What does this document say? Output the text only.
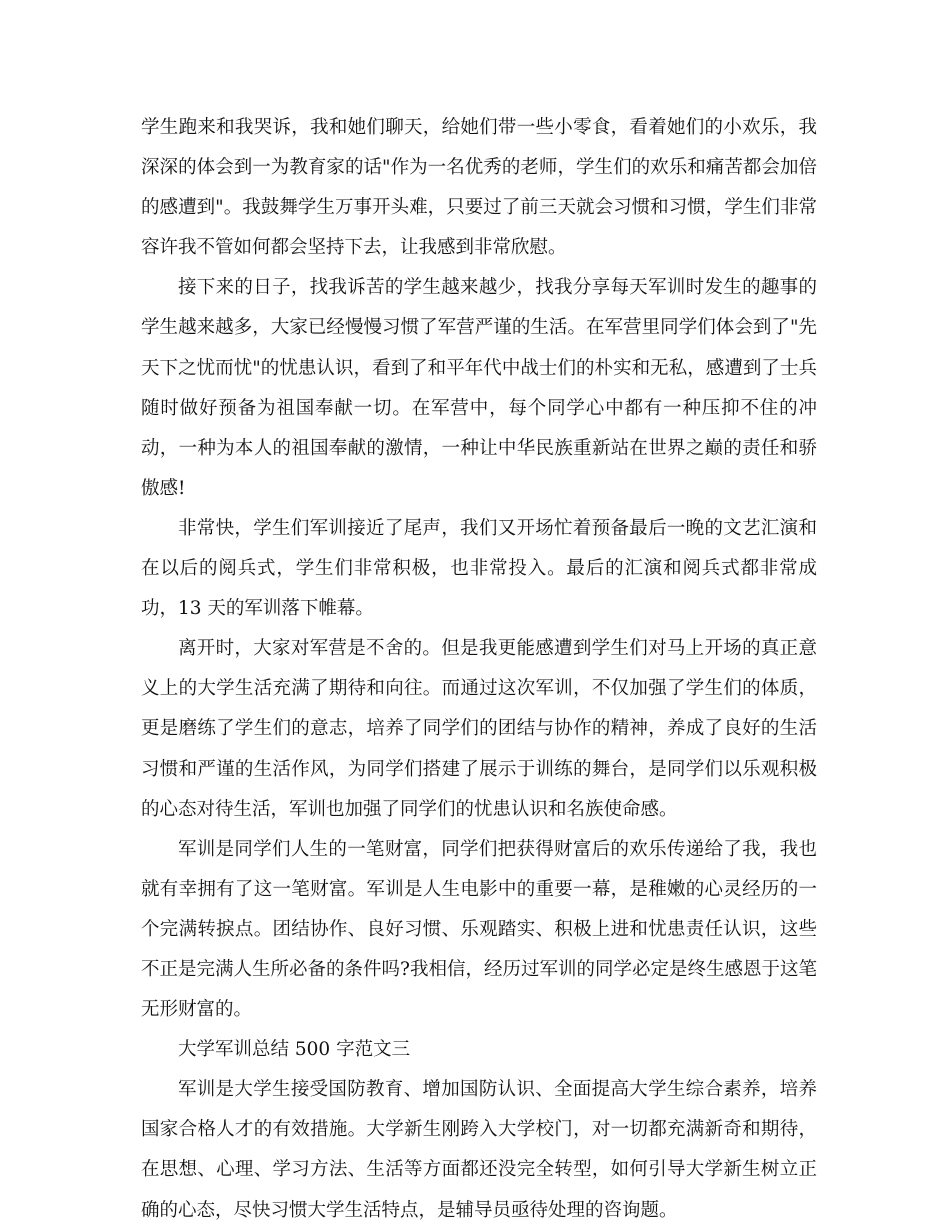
学生跑来和我哭诉，我和她们聊天，给她们带一些小零食，看着她们的小欢乐，我深深的体会到一为教育家的话"作为一名优秀的老师，学生们的欢乐和痛苦都会加倍的感遭到"。我鼓舞学生万事开头难，只要过了前三天就会习惯和习惯，学生们非常容许我不管如何都会坚持下去，让我感到非常欣慰。

接下来的日子，找我诉苦的学生越来越少，找我分享每天军训时发生的趣事的学生越来越多，大家已经慢慢习惯了军营严谨的生活。在军营里同学们体会到了"先天下之忧而忧"的忧患认识，看到了和平年代中战士们的朴实和无私，感遭到了士兵随时做好预备为祖国奉献一切。在军营中，每个同学心中都有一种压抑不住的冲动，一种为本人的祖国奉献的激情，一种让中华民族重新站在世界之巅的责任和骄傲感!

非常快，学生们军训接近了尾声，我们又开场忙着预备最后一晚的文艺汇演和在以后的阅兵式，学生们非常积极，也非常投入。最后的汇演和阅兵式都非常成功，13 天的军训落下帷幕。

离开时，大家对军营是不舍的。但是我更能感遭到学生们对马上开场的真正意义上的大学生活充满了期待和向往。而通过这次军训，不仅加强了学生们的体质，更是磨练了学生们的意志，培养了同学们的团结与协作的精神，养成了良好的生活习惯和严谨的生活作风，为同学们搭建了展示于训练的舞台，是同学们以乐观积极的心态对待生活，军训也加强了同学们的忧患认识和名族使命感。

军训是同学们人生的一笔财富，同学们把获得财富后的欢乐传递给了我，我也就有幸拥有了这一笔财富。军训是人生电影中的重要一幕，是稚嫩的心灵经历的一个完满转捩点。团结协作、良好习惯、乐观踏实、积极上进和忧患责任认识，这些不正是完满人生所必备的条件吗?我相信，经历过军训的同学必定是终生感恩于这笔无形财富的。

大学军训总结 500 字范文三

军训是大学生接受国防教育、增加国防认识、全面提高大学生综合素养，培养国家合格人才的有效措施。大学新生刚跨入大学校门，对一切都充满新奇和期待，在思想、心理、学习方法、生活等方面都还没完全转型，如何引导大学新生树立正确的心态，尽快习惯大学生活特点，是辅导员亟待处理的咨询题。
